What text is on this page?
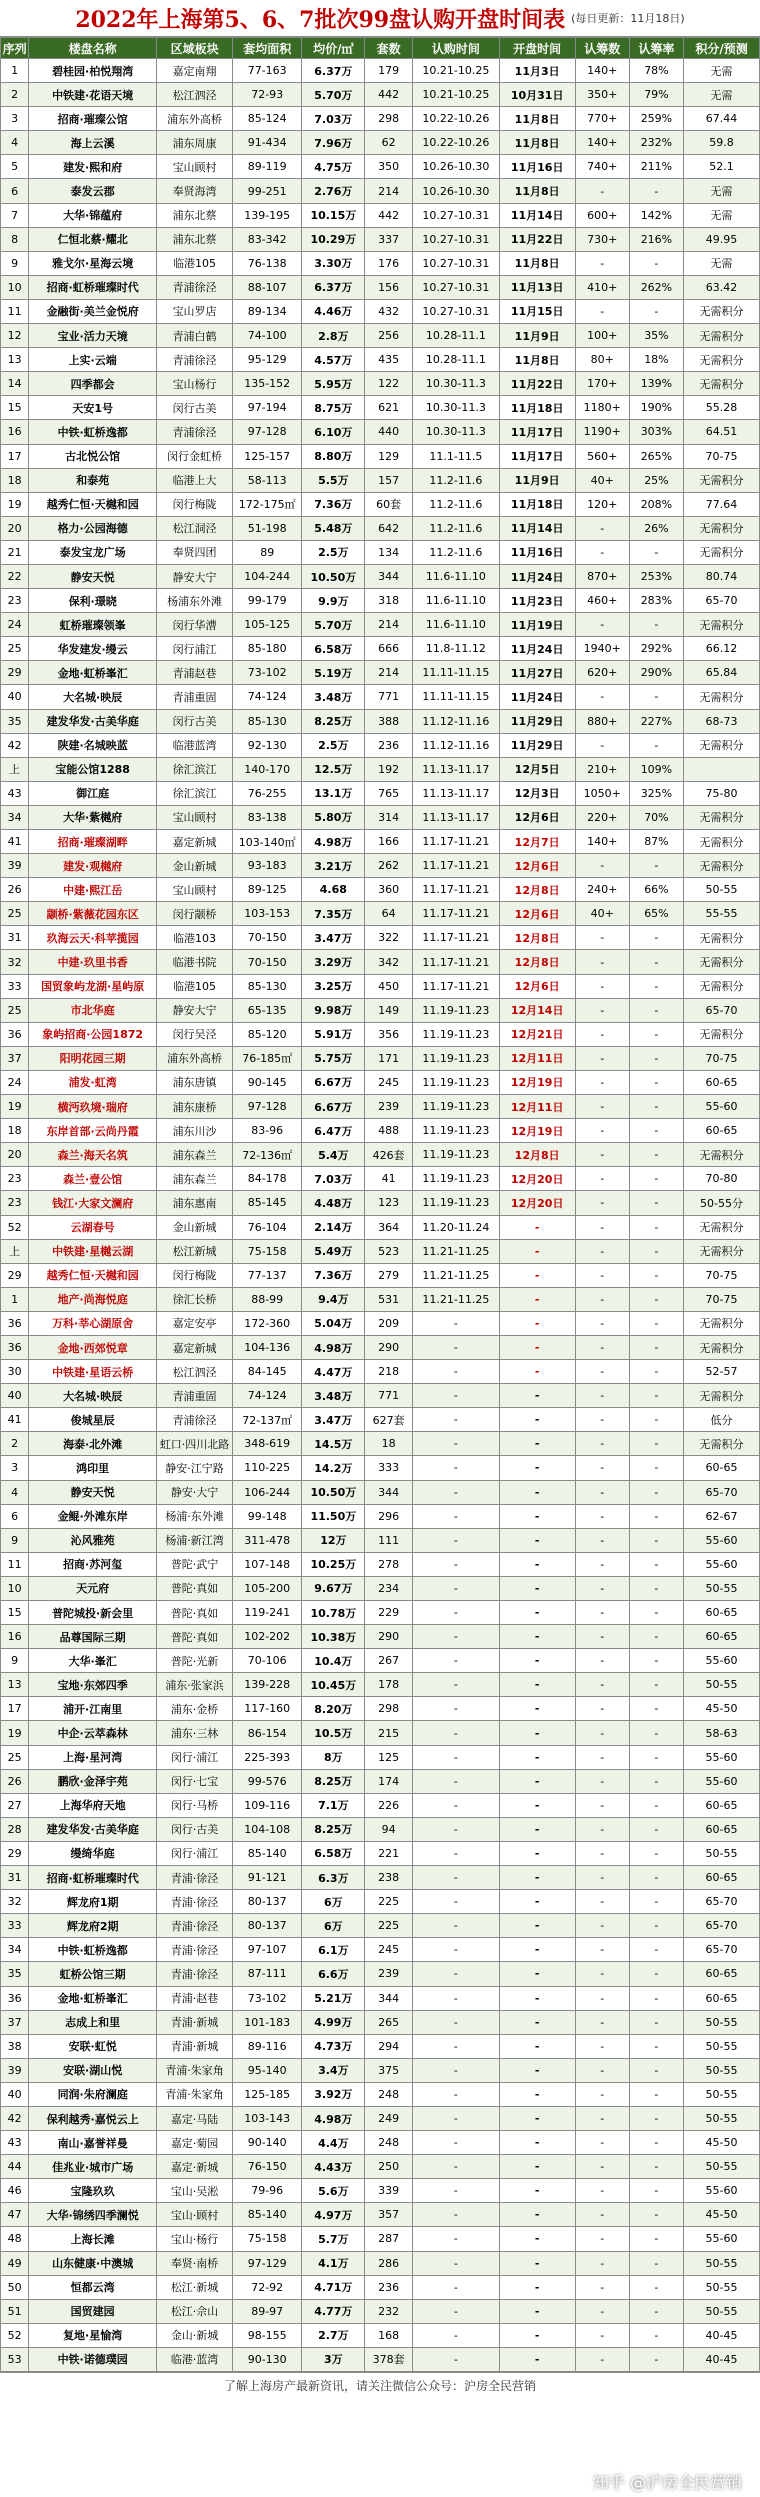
2022年上海第5、6、7批次99盘认购开盘时间表 (每日更新：11月18日)
序列	楼盘名称	区域板块	套均面积	均价/㎡	套数	认购时间	开盘时间	认筹数	认筹率	积分/预测
1	碧桂园·柏悦翔湾	嘉定南翔	77-163	6.37万	179	10.21-10.25	11月3日	140+	78%	无需
2	中铁建·花语天境	松江泗泾	72-93	5.70万	442	10.21-10.25	10月31日	350+	79%	无需
3	招商·璀璨公馆	浦东外高桥	85-124	7.03万	298	10.22-10.26	11月8日	770+	259%	67.44
4	海上云溪	浦东周康	91-434	7.96万	62	10.22-10.26	11月8日	140+	232%	59.8
5	建发·熙和府	宝山顾村	89-119	4.75万	350	10.26-10.30	11月16日	740+	211%	52.1
6	泰发云郡	奉贤海湾	99-251	2.76万	214	10.26-10.30	11月8日	-	-	无需
7	大华·锦蕴府	浦东北蔡	139-195	10.15万	442	10.27-10.31	11月14日	600+	142%	无需
8	仁恒北蔡·耀北	浦东北蔡	83-342	10.29万	337	10.27-10.31	11月22日	730+	216%	49.95
9	雅戈尔·星海云境	临港105	76-138	3.30万	176	10.27-10.31	11月8日	-	-	无需
10	招商·虹桥璀璨时代	青浦徐泾	88-107	6.37万	156	10.27-10.31	11月13日	410+	262%	63.42
11	金融街·美兰金悦府	宝山罗店	89-134	4.46万	432	10.27-10.31	11月15日	-	-	无需积分
12	宝业·活力天境	青浦白鹤	74-100	2.8万	256	10.28-11.1	11月9日	100+	35%	无需积分
13	上实·云端	青浦徐泾	95-129	4.57万	435	10.28-11.1	11月8日	80+	18%	无需积分
14	四季都会	宝山杨行	135-152	5.95万	122	10.30-11.3	11月22日	170+	139%	无需积分
15	天安1号	闵行古美	97-194	8.75万	621	10.30-11.3	11月18日	1180+	190%	55.28
16	中铁·虹桥逸都	青浦徐泾	97-128	6.10万	440	10.30-11.3	11月17日	1190+	303%	64.51
17	古北悦公馆	闵行金虹桥	125-157	8.80万	129	11.1-11.5	11月17日	560+	265%	70-75
18	和泰苑	临港上大	58-113	5.5万	157	11.2-11.6	11月9日	40+	25%	无需积分
19	越秀仁恒·天樾和园	闵行梅陇	172-175㎡	7.36万	60套	11.2-11.6	11月18日	120+	208%	77.64
20	格力·公园海德	松江洞泾	51-198	5.48万	642	11.2-11.6	11月14日	-	26%	无需积分
21	泰发宝龙广场	奉贤四团	89	2.5万	134	11.2-11.6	11月16日	-	-	无需积分
22	静安天悦	静安大宁	104-244	10.50万	344	11.6-11.10	11月24日	870+	253%	80.74
23	保利·璟晓	杨浦东外滩	99-179	9.9万	318	11.6-11.10	11月23日	460+	283%	65-70
24	虹桥璀璨领峯	闵行华漕	105-125	5.70万	214	11.6-11.10	11月19日	-	-	无需积分
25	华发建发·缦云	闵行浦江	85-180	6.58万	666	11.8-11.12	11月24日	1940+	292%	66.12
29	金地·虹桥峯汇	青浦赵巷	73-102	5.19万	214	11.11-11.15	11月27日	620+	290%	65.84
40	大名城·映辰	青浦重固	74-124	3.48万	771	11.11-11.15	11月24日	-	-	无需积分
35	建发华发·古美华庭	闵行古美	85-130	8.25万	388	11.12-11.16	11月29日	880+	227%	68-73
42	陕建·名城映蓝	临港蓝湾	92-130	2.5万	236	11.12-11.16	11月29日	-	-	无需积分
上	宝能公馆1288	徐汇滨江	140-170	12.5万	192	11.13-11.17	12月5日	210+	109%	
43	御江庭	徐汇滨江	76-255	13.1万	765	11.13-11.17	12月3日	1050+	325%	75-80
34	大华·紫樾府	宝山顾村	83-138	5.80万	314	11.13-11.17	12月6日	220+	70%	无需积分
41	招商·璀璨湖畔	嘉定新城	103-140㎡	4.98万	166	11.17-11.21	12月7日	140+	87%	无需积分
39	建发·观樾府	金山新城	93-183	3.21万	262	11.17-11.21	12月6日	-	-	无需积分
26	中建·熙江岳	宝山顾村	89-125	4.68	360	11.17-11.21	12月8日	240+	66%	50-55
25	颛桥·紫薇花园东区	闵行颛桥	103-153	7.35万	64	11.17-11.21	12月6日	40+	65%	55-55
31	玖海云天·科苹揽园	临港103	70-150	3.47万	322	11.17-11.21	12月8日	-	-	无需积分
32	中建·玖里书香	临港书院	70-150	3.29万	342	11.17-11.21	12月8日	-	-	无需积分
33	国贸象屿龙湖·星屿原	临港105	85-130	3.25万	450	11.17-11.21	12月6日	-	-	无需积分
25	市北华庭	静安大宁	65-135	9.98万	149	11.19-11.23	12月14日	-	-	65-70
36	象屿招商·公园1872	闵行吴泾	85-120	5.91万	356	11.19-11.23	12月21日	-	-	无需积分
37	阳明花园三期	浦东外高桥	76-185㎡	5.75万	171	11.19-11.23	12月11日	-	-	70-75
24	浦发·虹湾	浦东唐镇	90-145	6.67万	245	11.19-11.23	12月19日	-	-	60-65
19	横沔玖境·瑞府	浦东康桥	97-128	6.67万	239	11.19-11.23	12月11日	-	-	55-60
18	东岸首部·云尚丹霞	浦东川沙	83-96	6.47万	488	11.19-11.23	12月19日	-	-	60-65
20	森兰·海天名筑	浦东森兰	72-136㎡	5.4万	426套	11.19-11.23	12月8日	-	-	无需积分
23	森兰·壹公馆	浦东森兰	84-178	7.03万	41	11.19-11.23	12月20日	-	-	70-80
23	钱江·大家文澜府	浦东惠南	85-145	4.48万	123	11.19-11.23	12月20日	-	-	50-55分
52	云湖春号	金山新城	76-104	2.14万	364	11.20-11.24	-	-	-	无需积分
上	中铁建·星樾云湖	松江新城	75-158	5.49万	523	11.21-11.25	-	-	-	无需积分
29	越秀仁恒·天樾和园	闵行梅陇	77-137	7.36万	279	11.21-11.25	-	-	-	70-75
1	地产·尚海悦庭	徐汇长桥	88-99	9.4万	531	11.21-11.25	-	-	-	70-75
36	万科·莘心湖原舍	嘉定安亭	172-360	5.04万	209	-	-	-	-	无需积分
36	金地·西郊悦章	嘉定新城	104-136	4.98万	290	-	-	-	-	无需积分
30	中铁建·星语云桥	松江泗泾	84-145	4.47万	218	-	-	-	-	52-57
40	大名城·映辰	青浦重固	74-124	3.48万	771	-	-	-	-	无需积分
41	俊城星辰	青浦徐泾	72-137㎡	3.47万	627套	-	-	-	-	低分
2	海泰·北外滩	虹口·四川北路	348-619	14.5万	18	-	-	-	-	无需积分
3	鸿印里	静安·江宁路	110-225	14.2万	333	-	-	-	-	60-65
4	静安天悦	静安·大宁	106-244	10.50万	344	-	-	-	-	65-70
6	金鲲·外滩东岸	杨浦·东外滩	99-148	11.50万	296	-	-	-	-	62-67
9	沁风雅苑	杨浦·新江湾	311-478	12万	111	-	-	-	-	55-60
11	招商·苏河玺	普陀·武宁	107-148	10.25万	278	-	-	-	-	55-60
10	天元府	普陀·真如	105-200	9.67万	234	-	-	-	-	50-55
15	普陀城投·新会里	普陀·真如	119-241	10.78万	229	-	-	-	-	60-65
16	品尊国际三期	普陀·真如	102-202	10.38万	290	-	-	-	-	60-65
9	大华·峯汇	普陀·光新	70-106	10.4万	267	-	-	-	-	55-60
13	宝地·东郊四季	浦东·张家浜	139-228	10.45万	178	-	-	-	-	50-55
17	浦开·江南里	浦东·金桥	117-160	8.20万	298	-	-	-	-	45-50
19	中企·云萃森林	浦东·三林	86-154	10.5万	215	-	-	-	-	58-63
25	上海·星河湾	闵行·浦江	225-393	8万	125	-	-	-	-	55-60
26	鹏欣·金泽宇苑	闵行·七宝	99-576	8.25万	174	-	-	-	-	55-60
27	上海华府天地	闵行·马桥	109-116	7.1万	226	-	-	-	-	60-65
28	建发华发·古美华庭	闵行·古美	104-108	8.25万	94	-	-	-	-	60-65
29	缦绮华庭	闵行·浦江	85-140	6.58万	221	-	-	-	-	50-55
31	招商·虹桥璀璨时代	青浦·徐泾	91-121	6.3万	238	-	-	-	-	60-65
32	辉龙府1期	青浦·徐泾	80-137	6万	225	-	-	-	-	65-70
33	辉龙府2期	青浦·徐泾	80-137	6万	225	-	-	-	-	65-70
34	中铁·虹桥逸都	青浦·徐泾	97-107	6.1万	245	-	-	-	-	65-70
35	虹桥公馆三期	青浦·徐泾	87-111	6.6万	239	-	-	-	-	60-65
36	金地·虹桥峯汇	青浦·赵巷	73-102	5.21万	344	-	-	-	-	60-65
37	志成上和里	青浦·新城	101-183	4.99万	265	-	-	-	-	50-55
38	安联·虹悦	青浦·新城	89-116	4.73万	294	-	-	-	-	50-55
39	安联·湖山悦	青浦·朱家角	95-140	3.4万	375	-	-	-	-	50-55
40	同润·朱府澜庭	青浦·朱家角	125-185	3.92万	248	-	-	-	-	50-55
42	保利越秀·嘉悦云上	嘉定·马陆	103-143	4.98万	249	-	-	-	-	50-55
43	南山·嘉誉祥曼	嘉定·菊园	90-140	4.4万	248	-	-	-	-	45-50
44	佳兆业·城市广场	嘉定·新城	76-150	4.43万	250	-	-	-	-	50-55
46	宝隆玖玖	宝山·吴淞	79-96	5.6万	339	-	-	-	-	55-60
47	大华·锦绣四季澜悦	宝山·顾村	85-140	4.97万	357	-	-	-	-	45-50
48	上海长滩	宝山·杨行	75-158	5.7万	287	-	-	-	-	55-60
49	山东健康·中澳城	奉贤·南桥	97-129	4.1万	286	-	-	-	-	50-55
50	恒都云湾	松江·新城	72-92	4.71万	236	-	-	-	-	50-55
51	国贸建园	松江·佘山	89-97	4.77万	232	-	-	-	-	50-55
52	复地·星愉湾	金山·新城	98-155	2.7万	168	-	-	-	-	40-45
53	中铁·诺德璞园	临港·蓝湾	90-130	3万	378套	-	-	-	-	40-45
了解上海房产最新资讯，请关注微信公众号：沪房全民营销
知乎 @沪房全民营销
